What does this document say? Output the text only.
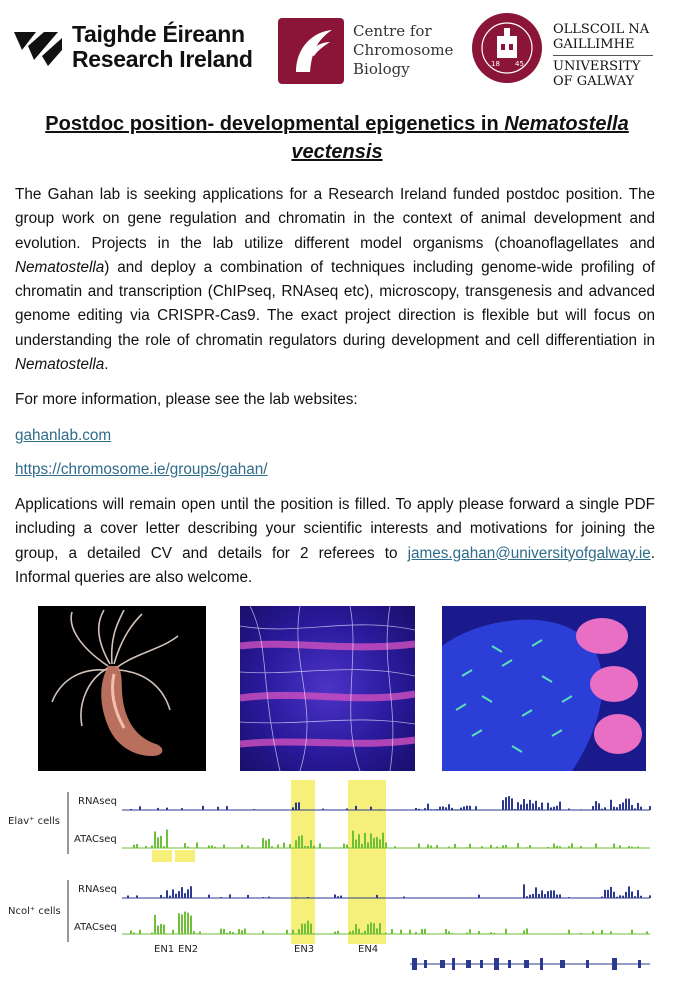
Taighde Éireann
Research Ireland
Centre for
Chromosome
Biology	18 45
OLLSCOIL NA
GAILLIMHE
UNIVERSITY
OF GALWAY
Postdoc position- developmental epigenetics in Nematostella vectensis
The Gahan lab is seeking applications for a Research Ireland funded postdoc position. The group work on gene regulation and chromatin in the context of animal development and evolution. Projects in the lab utilize different model organisms (choanoflagellates and Nematostella) and deploy a combination of techniques including genome-wide profiling of chromatin and transcription (ChIPseq, RNAseq etc), microscopy, transgenesis and advanced genome editing via CRISPR-Cas9. The exact project direction is flexible but will focus on understanding the role of chromatin regulators during development and cell differentiation in Nematostella.
For more information, please see the lab websites:
gahanlab.com
https://chromosome.ie/groups/gahan/
Applications will remain open until the position is filled. To apply please forward a single PDF including a cover letter describing your scientific interests and motivations for joining the group, a detailed CV and details for 2 referees to james.gahan@universityofgalway.ie. Informal queries are also welcome.
Elav⁺ cells
Ncol⁺ cells
RNAseq
ATACseq
RNAseq
ATACseq
EN1 EN2	EN3	EN4
